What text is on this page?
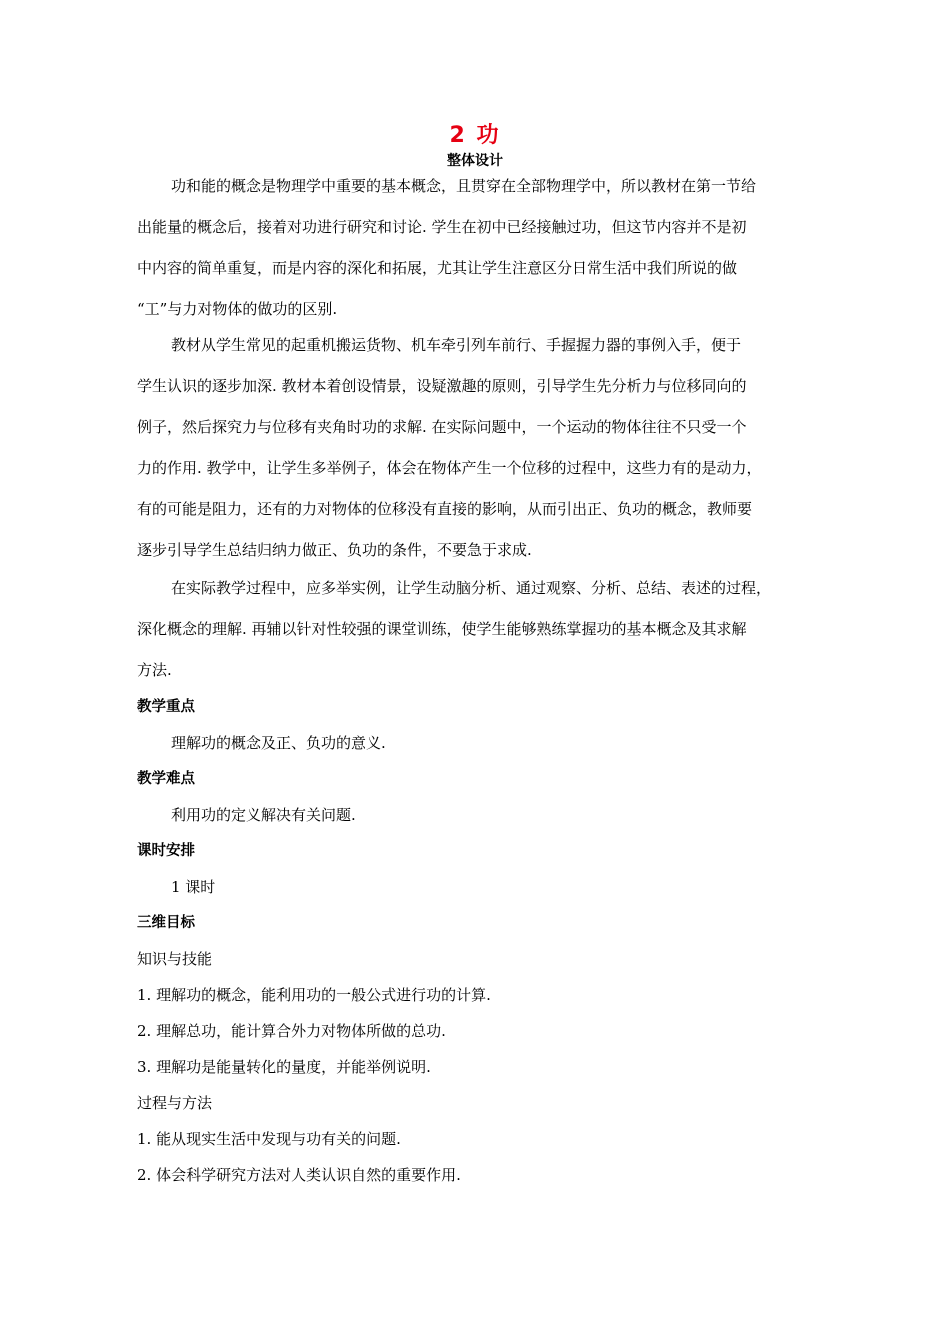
2 功
整体设计
功和能的概念是物理学中重要的基本概念，且贯穿在全部物理学中，所以教材在第一节给
出能量的概念后，接着对功进行研究和讨论. 学生在初中已经接触过功，但这节内容并不是初
中内容的简单重复，而是内容的深化和拓展，尤其让学生注意区分日常生活中我们所说的做
“工”与力对物体的做功的区别.
教材从学生常见的起重机搬运货物、机车牵引列车前行、手握握力器的事例入手，便于
学生认识的逐步加深. 教材本着创设情景，设疑激趣的原则，引导学生先分析力与位移同向的
例子，然后探究力与位移有夹角时功的求解. 在实际问题中，一个运动的物体往往不只受一个
力的作用. 教学中，让学生多举例子，体会在物体产生一个位移的过程中，这些力有的是动力，
有的可能是阻力，还有的力对物体的位移没有直接的影响，从而引出正、负功的概念，教师要
逐步引导学生总结归纳力做正、负功的条件，不要急于求成.
在实际教学过程中，应多举实例，让学生动脑分析、通过观察、分析、总结、表述的过程，
深化概念的理解. 再辅以针对性较强的课堂训练，使学生能够熟练掌握功的基本概念及其求解
方法.
教学重点
理解功的概念及正、负功的意义.
教学难点
利用功的定义解决有关问题.
课时安排
1 课时
三维目标
知识与技能
1. 理解功的概念，能利用功的一般公式进行功的计算.
2. 理解总功，能计算合外力对物体所做的总功.
3. 理解功是能量转化的量度，并能举例说明.
过程与方法
1. 能从现实生活中发现与功有关的问题.
2. 体会科学研究方法对人类认识自然的重要作用.
